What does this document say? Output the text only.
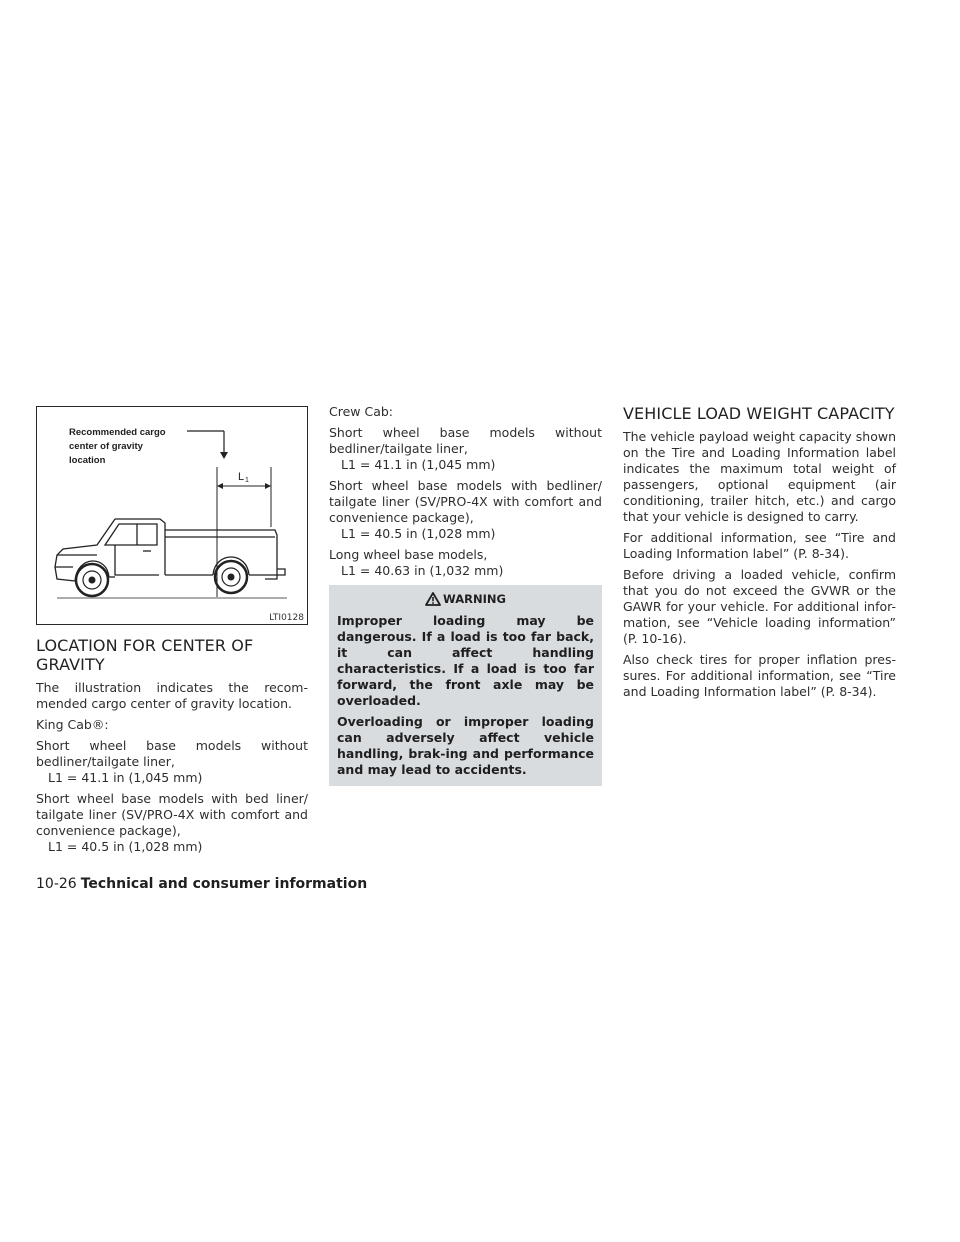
Recommended cargo
center of gravity
location
L 1
LTI0128
LOCATION FOR CENTER OF GRAVITY

The illustration indicates the recom-mended cargo center of gravity location.

King Cab®:

Short wheel base models without bedliner/tailgate liner,

L1 = 41.1 in (1,045 mm)

Short wheel base models with bed liner/ tailgate liner (SV/PRO-4X with comfort and convenience package),

L1 = 40.5 in (1,028 mm)

Crew Cab:

Short wheel base models without bedliner/tailgate liner,

L1 = 41.1 in (1,045 mm)

Short wheel base models with bedliner/ tailgate liner (SV/PRO-4X with comfort and convenience package),

L1 = 40.5 in (1,028 mm)

Long wheel base models,

L1 = 40.63 in (1,032 mm)

WARNING

Improper loading may be dangerous. If a load is too far back, it can affect handling characteristics. If a load is too far forward, the front axle may be overloaded.

Overloading or improper loading can adversely affect vehicle handling, brak-ing and performance and may lead to accidents.

VEHICLE LOAD WEIGHT CAPACITY

The vehicle payload weight capacity shown on the Tire and Loading Information label indicates the maximum total weight of passengers, optional equipment (air conditioning, trailer hitch, etc.) and cargo that your vehicle is designed to carry.

For additional information, see “Tire and Loading Information label” (P. 8-34).

Before driving a loaded vehicle, confirm that you do not exceed the GVWR or the GAWR for your vehicle. For additional infor-mation, see “Vehicle loading information” (P. 10-16).

Also check tires for proper inflation pres-sures. For additional information, see “Tire and Loading Information label” (P. 8-34).

10-26 Technical and consumer information
